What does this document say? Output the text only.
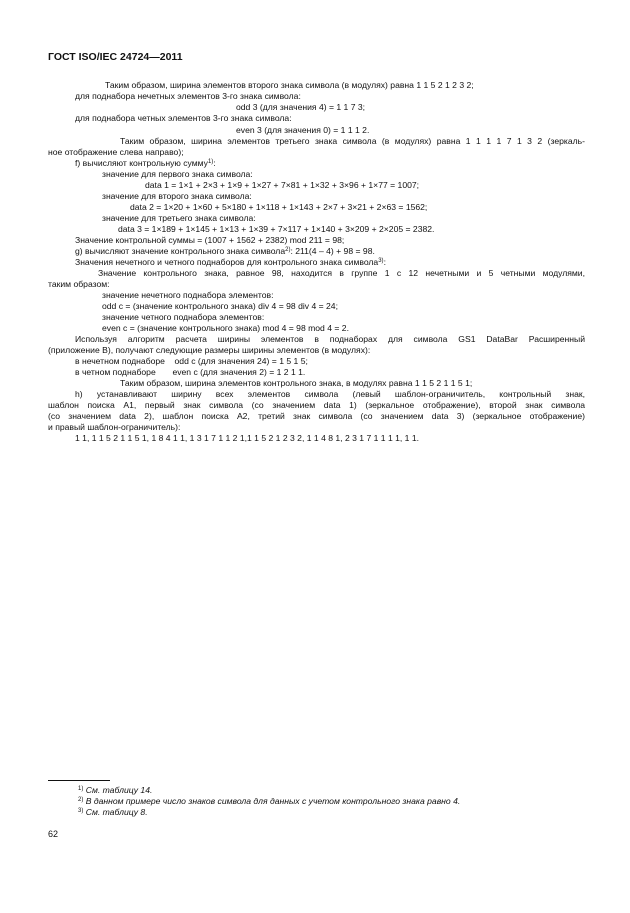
ГОСТ ISO/IEC 24724—2011
Таким образом, ширина элементов второго знака символа (в модулях) равна 1 1 5 2 1 2 3 2;
для поднабора нечетных элементов 3-го знака символа:
odd 3 (для значения 4) = 1 1 7 3;
для поднабора четных элементов 3-го знака символа:
even 3 (для значения 0) = 1 1 1 2.
Таким образом, ширина элементов третьего знака символа (в модулях) равна 1 1 1 1 7 1 3 2 (зеркаль-
ное отображение слева направо);
f) вычисляют контрольную сумму$^{1)}$:
значение для первого знака символа:
data 1 = 1×1 + 2×3 + 1×9 + 1×27 + 7×81 + 1×32 + 3×96 + 1×77 = 1007;
значение для второго знака символа:
data 2 = 1×20 + 1×60 + 5×180 + 1×118 + 1×143 + 2×7 + 3×21 + 2×63 = 1562;
значение для третьего знака символа:
data 3 = 1×189 + 1×145 + 1×13 + 1×39 + 7×117 + 1×140 + 3×209 + 2×205 = 2382.
Значение контрольной суммы = (1007 + 1562 + 2382) mod 211 = 98;
g) вычисляют значение контрольного знака символа$^{2)}$: 211(4 – 4) + 98 = 98.
Значения нечетного и четного поднаборов для контрольного знака символа$^{3)}$:
Значение контрольного знака, равное 98, находится в группе 1 с 12 нечетными и 5 четными модулями,
таким образом:
значение нечетного поднабора элементов:
odd c = (значение контрольного знака) div 4 = 98 div 4 = 24;
значение четного поднабора элементов:
even c = (значение контрольного знака) mod 4 = 98 mod 4 = 2.
Используя алгоритм расчета ширины элементов в поднаборах для символа GS1 DataBar Расширенный
(приложение В), получают следующие размеры ширины элементов (в модулях):
в нечетном поднаборе    odd c (для значения 24) = 1 5 1 5;
в четном поднаборе       even c (для значения 2) = 1 2 1 1.
Таким образом, ширина элементов контрольного знака, в модулях равна 1 1 5 2 1 1 5 1;
h) устанавливают ширину всех элементов символа (левый шаблон-ограничитель, контрольный знак,
шаблон поиска А1, первый знак символа (со значением data 1) (зеркальное отображение), второй знак символа
(со значением data 2), шаблон поиска А2, третий знак символа (со значением data 3) (зеркальное отображение)
и правый шаблон-ограничитель):
1 1, 1 1 5 2 1 1 5 1, 1 8 4 1 1, 1 3 1 7 1 1 2 1,1 1 5 2 1 2 3 2, 1 1 4 8 1, 2 3 1 7 1 1 1 1, 1 1.
$^{1)}$ См. таблицу 14.
$^{2)}$ В данном примере число знаков символа для данных с учетом контрольного знака равно 4.
$^{3)}$ См. таблицу 8.
62
